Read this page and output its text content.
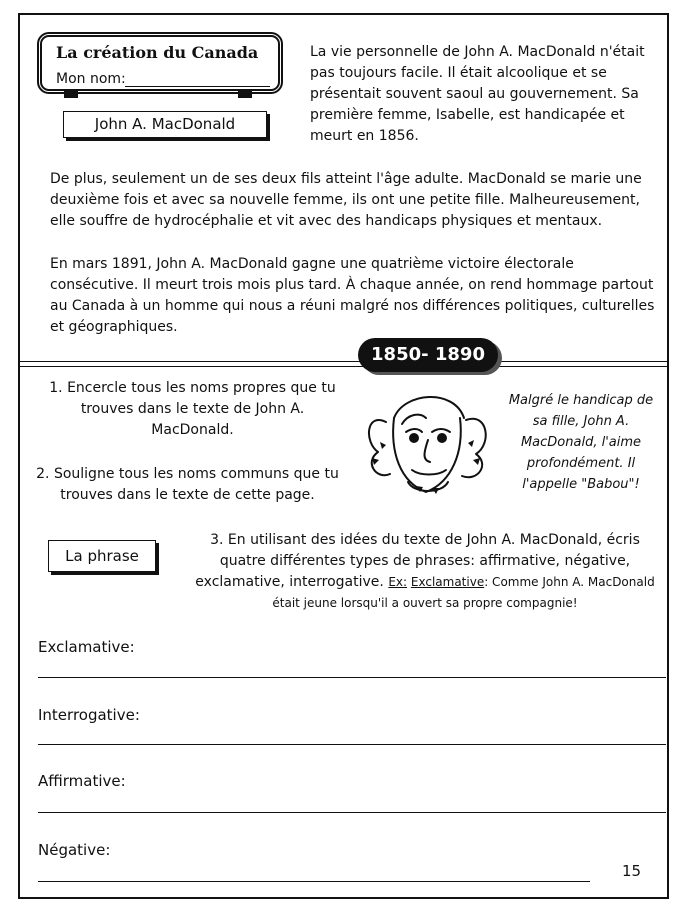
La création du Canada
Mon nom:
John A. MacDonald

La vie personnelle de John A. MacDonald n'était pas toujours facile. Il était alcoolique et se présentait souvent saoul au gouvernement. Sa première femme, Isabelle, est handicapée et meurt en 1856.

De plus, seulement un de ses deux fils atteint l'âge adulte. MacDonald se marie une deuxième fois et avec sa nouvelle femme, ils ont une petite fille. Malheureusement, elle souffre de hydrocéphalie et vit avec des handicaps physiques et mentaux.

En mars 1891, John A. MacDonald gagne une quatrième victoire électorale consécutive. Il meurt trois mois plus tard. À chaque année, on rend hommage partout au Canada à un homme qui nous a réuni malgré nos différences politiques, culturelles et géographiques.

1850- 1890

1. Encercle tous les noms propres que tu trouves dans le texte de John A. MacDonald.

2. Souligne tous les noms communs que tu trouves dans le texte de cette page.

Malgré le handicap de sa fille, John A. MacDonald, l'aime profondément. Il l'appelle "Babou"!

La phrase

3. En utilisant des idées du texte de John A. MacDonald, écris quatre différentes types de phrases: affirmative, négative, exclamative, interrogative. Ex: Exclamative: Comme John A. MacDonald était jeune lorsqu'il a ouvert sa propre compagnie!

Exclamative:
Interrogative:
Affirmative:
Négative:
15
